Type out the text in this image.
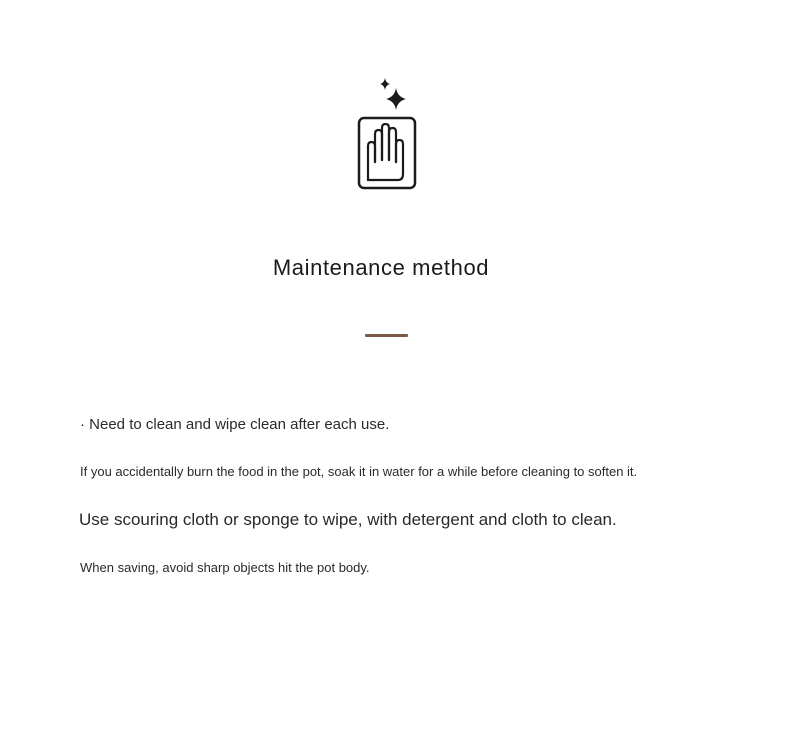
Maintenance method
· Need to clean and wipe clean after each use.
If you accidentally burn the food in the pot, soak it in water for a while before cleaning to soften it.
Use scouring cloth or sponge to wipe, with detergent and cloth to clean.
When saving, avoid sharp objects hit the pot body.
